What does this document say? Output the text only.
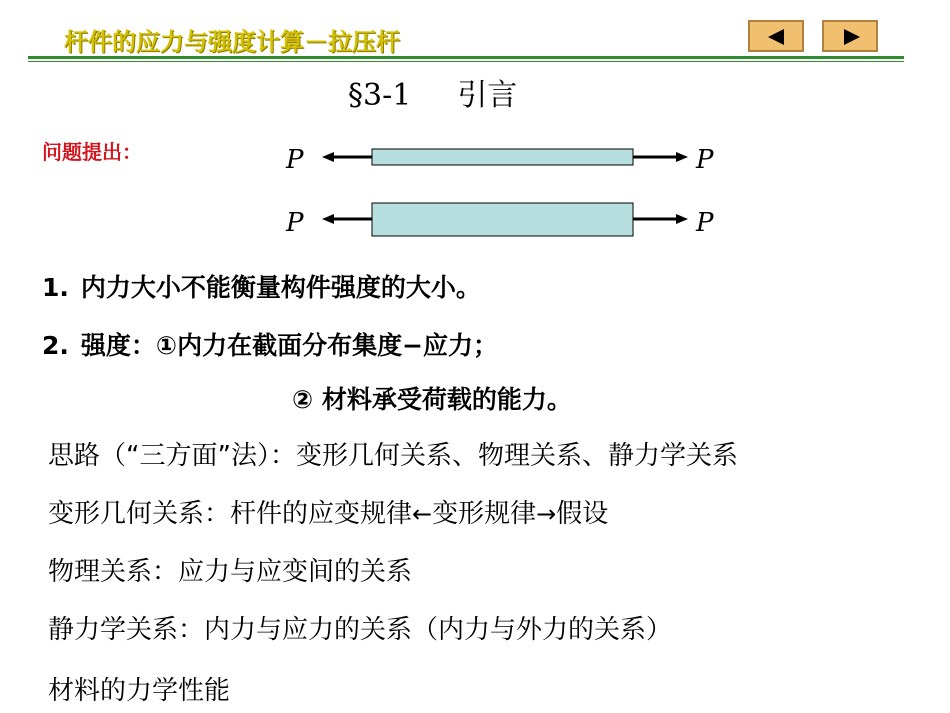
杆件的应力与强度计算－拉压杆
§3-1 引言
问题提出：	P	P
P	P
1. 内力大小不能衡量构件强度的大小。
2. 强度：①内力在截面分布集度−应力；
② 材料承受荷载的能力。
思路（“三方面”法）：变形几何关系、物理关系、静力学关系
变形几何关系：杆件的应变规律←变形规律→假设
物理关系：应力与应变间的关系
静力学关系：内力与应力的关系（内力与外力的关系）
材料的力学性能
